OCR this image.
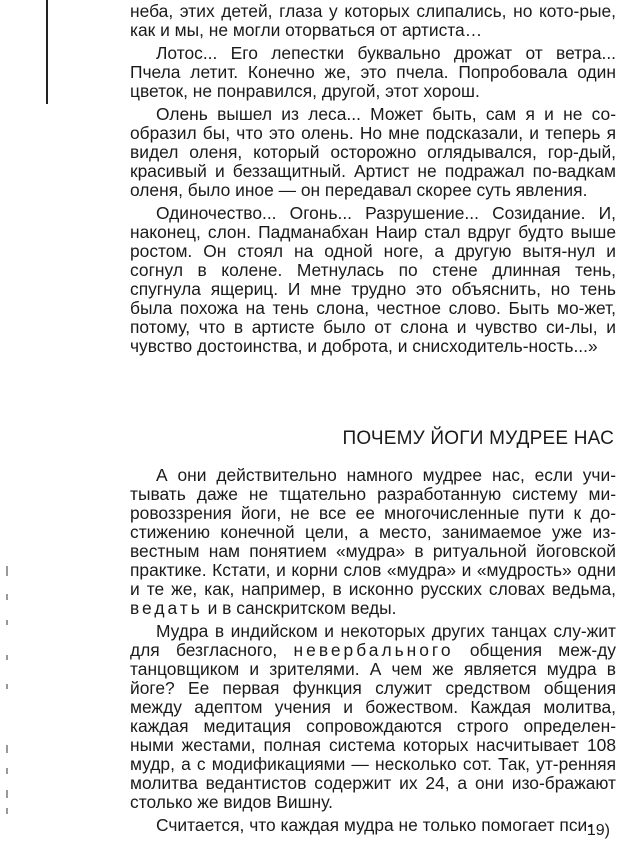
неба, этих детей, глаза у которых слипались, но кото-рые, как и мы, не могли оторваться от артиста…

Лотос... Его лепестки буквально дрожат от ветра... Пчела летит. Конечно же, это пчела. Попробовала один цветок, не понравился, другой, этот хорош.

Олень вышел из леса... Может быть, сам я и не со-образил бы, что это олень. Но мне подсказали, и теперь я видел оленя, который осторожно оглядывался, гор-дый, красивый и беззащитный. Артист не подражал по-вадкам оленя, было иное — он передавал скорее суть явления.

Одиночество... Огонь... Разрушение... Созидание. И, наконец, слон. Падманабхан Наир стал вдруг будто выше ростом. Он стоял на одной ноге, а другую вытя-нул и согнул в колене. Метнулась по стене длинная тень, спугнула ящериц. И мне трудно это объяснить, но тень была похожа на тень слона, честное слово. Быть мо-жет, потому, что в артисте было от слона и чувство си-лы, и чувство достоинства, и доброта, и снисходитель-ность...»

ПОЧЕМУ ЙОГИ МУДРЕЕ НАС

А они действительно намного мудрее нас, если учи-тывать даже не тщательно разработанную систему ми-ровоззрения йоги, не все ее многочисленные пути к до-стижению конечной цели, а место, занимаемое уже из-вестным нам понятием «мудра» в ритуальной йоговской практике. Кстати, и корни слов «мудра» и «мудрость» одни и те же, как, например, в исконно русских словах ведьма, ведать и в санскритском веды.

Мудра в индийском и некоторых других танцах слу-жит для безгласного, невербального общения меж-ду танцовщиком и зрителями. А чем же является мудра в йоге? Ее первая функция служит средством общения между адептом учения и божеством. Каждая молитва, каждая медитация сопровождаются строго определен-ными жестами, полная система которых насчитывает 108 мудр, а с модификациями — несколько сот. Так, ут-ренняя молитва ведантистов содержит их 24, а они изо-бражают столько же видов Вишну.

Считается, что каждая мудра не только помогает пси-

19)
